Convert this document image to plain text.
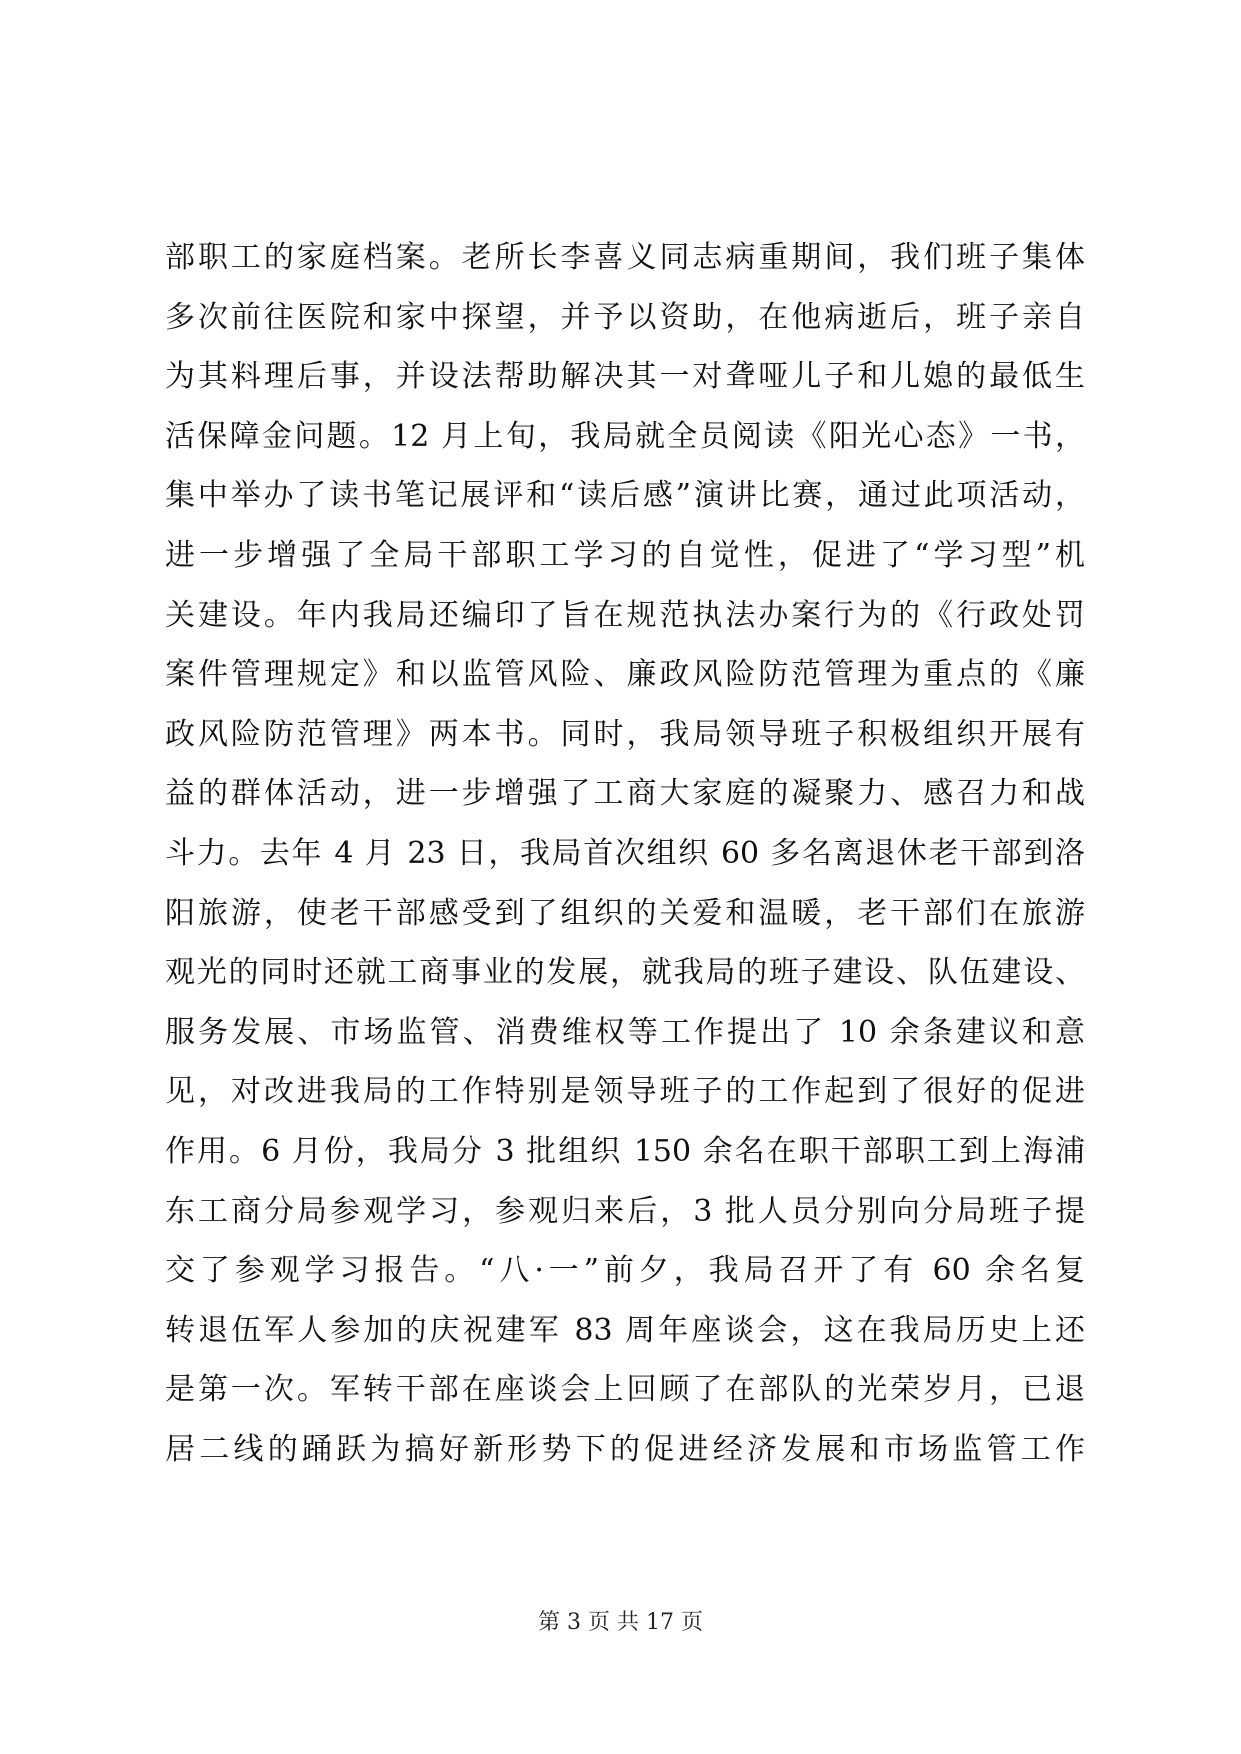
部职工的家庭档案。老所长李喜义同志病重期间，我们班子集体
多次前往医院和家中探望，并予以资助，在他病逝后，班子亲自
为其料理后事，并设法帮助解决其一对聋哑儿子和儿媳的最低生
活保障金问题。12 月上旬，我局就全员阅读《阳光心态》一书，
集中举办了读书笔记展评和“读后感”演讲比赛，通过此项活动，
进一步增强了全局干部职工学习的自觉性，促进了“学习型”机
关建设。年内我局还编印了旨在规范执法办案行为的《行政处罚
案件管理规定》和以监管风险、廉政风险防范管理为重点的《廉
政风险防范管理》两本书。同时，我局领导班子积极组织开展有
益的群体活动，进一步增强了工商大家庭的凝聚力、感召力和战
斗力。去年 4 月 23 日，我局首次组织 60 多名离退休老干部到洛
阳旅游，使老干部感受到了组织的关爱和温暖，老干部们在旅游
观光的同时还就工商事业的发展，就我局的班子建设、队伍建设、
服务发展、市场监管、消费维权等工作提出了 10 余条建议和意
见，对改进我局的工作特别是领导班子的工作起到了很好的促进
作用。6 月份，我局分 3 批组织 150 余名在职干部职工到上海浦
东工商分局参观学习，参观归来后，3 批人员分别向分局班子提
交了参观学习报告。“八·一”前夕，我局召开了有 60 余名复
转退伍军人参加的庆祝建军 83 周年座谈会，这在我局历史上还
是第一次。军转干部在座谈会上回顾了在部队的光荣岁月，已退
居二线的踊跃为搞好新形势下的促进经济发展和市场监管工作
第 3 页 共 17 页
